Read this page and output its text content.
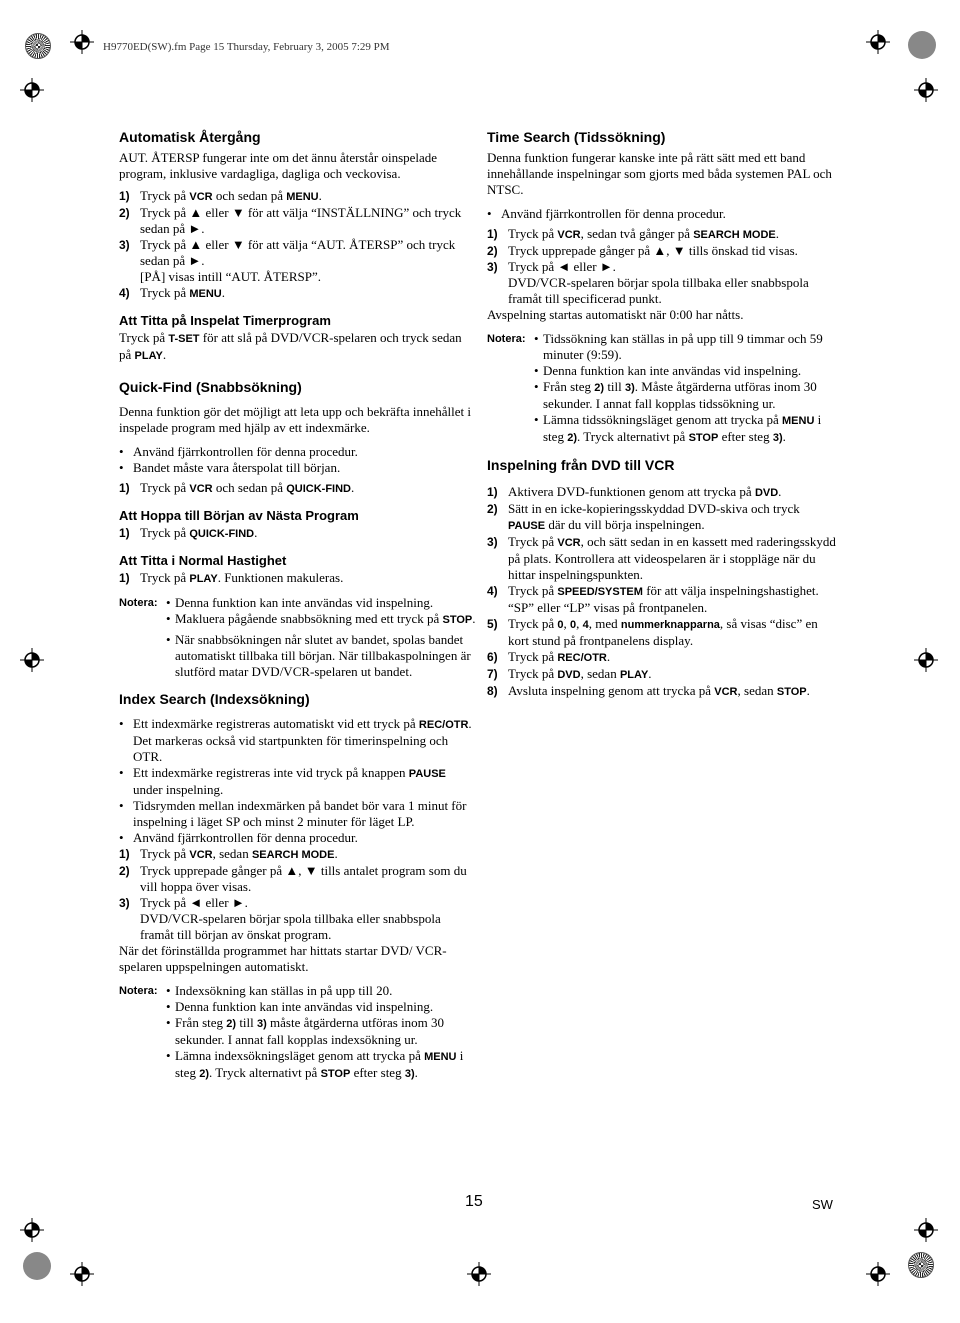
H9770ED(SW).fm Page 15 Thursday, February 3, 2005 7:29 PM
Automatisk Återgång

AUT. ÅTERSP fungerar inte om det ännu återstår oinspelade program, inklusive vardagliga, dagliga och veckovisa.

1) Tryck på VCR och sedan på MENU.
2) Tryck på ▲ eller ▼ för att välja “INSTÄLLNING” och tryck sedan på ►.
3) Tryck på ▲ eller ▼ för att välja “AUT. ÅTERSP” och tryck sedan på ►.
[PÅ] visas intill “AUT. ÅTERSP”.
4) Tryck på MENU.
Att Titta på Inspelat Timerprogram

Tryck på T-SET för att slå på DVD/VCR-spelaren och tryck sedan på PLAY.

Quick-Find (Snabbsökning)

Denna funktion gör det möjligt att leta upp och bekräfta innehållet i inspelade program med hjälp av ett indexmärke.

• Använd fjärrkontrollen för denna procedur.
• Bandet måste vara återspolat till början.
1) Tryck på VCR och sedan på QUICK-FIND.
Att Hoppa till Början av Nästa Program
1) Tryck på QUICK-FIND.
Att Titta i Normal Hastighet
1) Tryck på PLAY. Funktionen makuleras.
Notera:	• Denna funktion kan inte användas vid inspelning.
• Makluera pågående snabbsökning med ett tryck på STOP.
• När snabbsökningen når slutet av bandet, spolas bandet automatiskt tillbaka till början. När tillbakaspolningen är slutförd matar DVD/VCR-spelaren ut bandet.
Index Search (Indexsökning)
• Ett indexmärke registreras automatiskt vid ett tryck på REC/OTR. Det markeras också vid startpunkten för timerinspelning och OTR.
• Ett indexmärke registreras inte vid tryck på knappen PAUSE under inspelning.
• Tidsrymden mellan indexmärken på bandet bör vara 1 minut för inspelning i läget SP och minst 2 minuter för läget LP.
• Använd fjärrkontrollen för denna procedur.
1) Tryck på VCR, sedan SEARCH MODE.
2) Tryck upprepade gånger på ▲, ▼ tills antalet program som du vill hoppa över visas.
3) Tryck på ◄ eller ►.
DVD/VCR-spelaren börjar spola tillbaka eller snabbspola framåt till början av önskat program.

När det förinställda programmet har hittats startar DVD/ VCR-spelaren uppspelningen automatiskt.

Notera:	• Indexsökning kan ställas in på upp till 20.
• Denna funktion kan inte användas vid inspelning.
• Från steg 2) till 3) måste åtgärderna utföras inom 30 sekunder. I annat fall kopplas indexsökning ur.
• Lämna indexsökningsläget genom att trycka på MENU i steg 2). Tryck alternativt på STOP efter steg 3).
Time Search (Tidssökning)

Denna funktion fungerar kanske inte på rätt sätt med ett band innehållande inspelningar som gjorts med båda systemen PAL och NTSC.

• Använd fjärrkontrollen för denna procedur.
1) Tryck på VCR, sedan två gånger på SEARCH MODE.
2) Tryck upprepade gånger på ▲, ▼ tills önskad tid visas.
3) Tryck på ◄ eller ►.
DVD/VCR-spelaren börjar spola tillbaka eller snabbspola framåt till specificerad punkt.

Avspelning startas automatiskt när 0:00 har nåtts.

Notera:	• Tidssökning kan ställas in på upp till 9 timmar och 59 minuter (9:59).
• Denna funktion kan inte användas vid inspelning.
• Från steg 2) till 3). Måste åtgärderna utföras inom 30 sekunder. I annat fall kopplas tidssökning ur.
• Lämna tidssökningsläget genom att trycka på MENU i steg 2). Tryck alternativt på STOP efter steg 3).
Inspelning från DVD till VCR
1) Aktivera DVD-funktionen genom att trycka på DVD.
2) Sätt in en icke-kopieringsskyddad DVD-skiva och tryck PAUSE där du vill börja inspelningen.
3) Tryck på VCR, och sätt sedan in en kassett med raderingsskydd på plats. Kontrollera att videospelaren är i stoppläge när du hittar inspelningspunkten.
4) Tryck på SPEED/SYSTEM för att välja inspelningshastighet. “SP” eller “LP” visas på frontpanelen.
5) Tryck på 0, 0, 4, med nummerknapparna, så visas “disc” en kort stund på frontpanelens display.
6) Tryck på REC/OTR.
7) Tryck på DVD, sedan PLAY.
8) Avsluta inspelning genom att trycka på VCR, sedan STOP.
15	SW
